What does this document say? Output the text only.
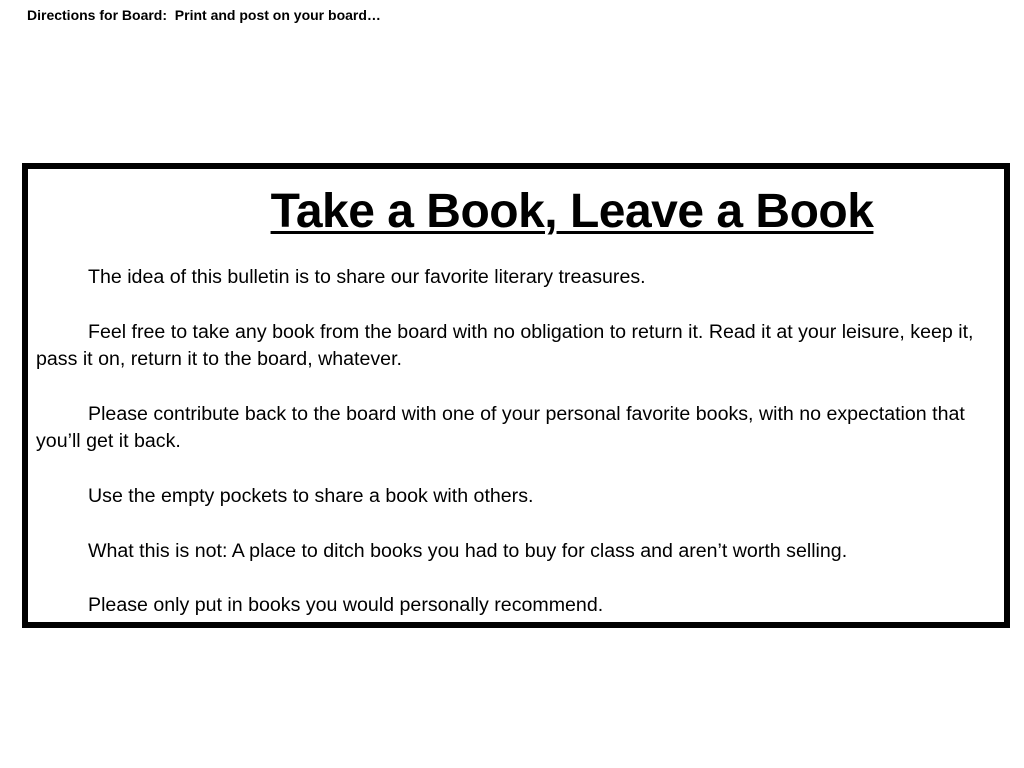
Directions for Board:  Print and post on your board…
Take a Book, Leave a Book

The idea of this bulletin is to share our favorite literary treasures.

Feel free to take any book from the board with no obligation to return it. Read it at your leisure, keep it, pass it on, return it to the board, whatever.

Please contribute back to the board with one of your personal favorite books, with no expectation that you’ll get it back.

Use the empty pockets to share a book with others.

What this is not: A place to ditch books you had to buy for class and aren’t worth selling.

Please only put in books you would personally recommend.
